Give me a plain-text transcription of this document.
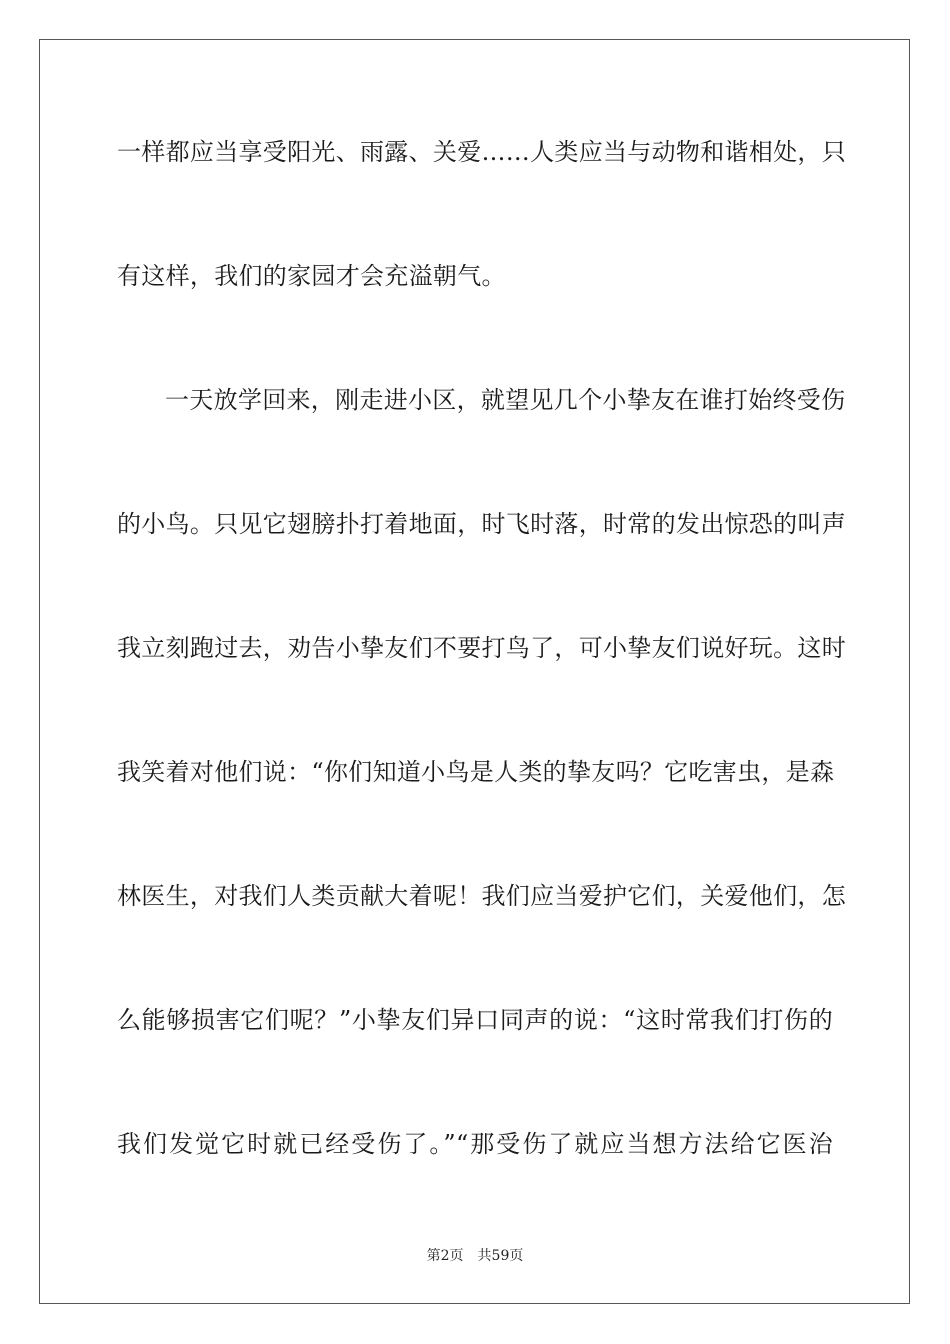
一样都应当享受阳光、雨露、关爱……人类应当与动物和谐相处，只
有这样，我们的家园才会充溢朝气。
一天放学回来，刚走进小区，就望见几个小挚友在谁打始终受伤
的小鸟。只见它翅膀扑打着地面，时飞时落，时常的发出惊恐的叫声
我立刻跑过去，劝告小挚友们不要打鸟了，可小挚友们说好玩。这时
我笑着对他们说：“你们知道小鸟是人类的挚友吗？它吃害虫，是森
林医生，对我们人类贡献大着呢！我们应当爱护它们，关爱他们，怎
么能够损害它们呢？”小挚友们异口同声的说：“这时常我们打伤的
我们发觉它时就已经受伤了。”“那受伤了就应当想方法给它医治
第2页 共59页
